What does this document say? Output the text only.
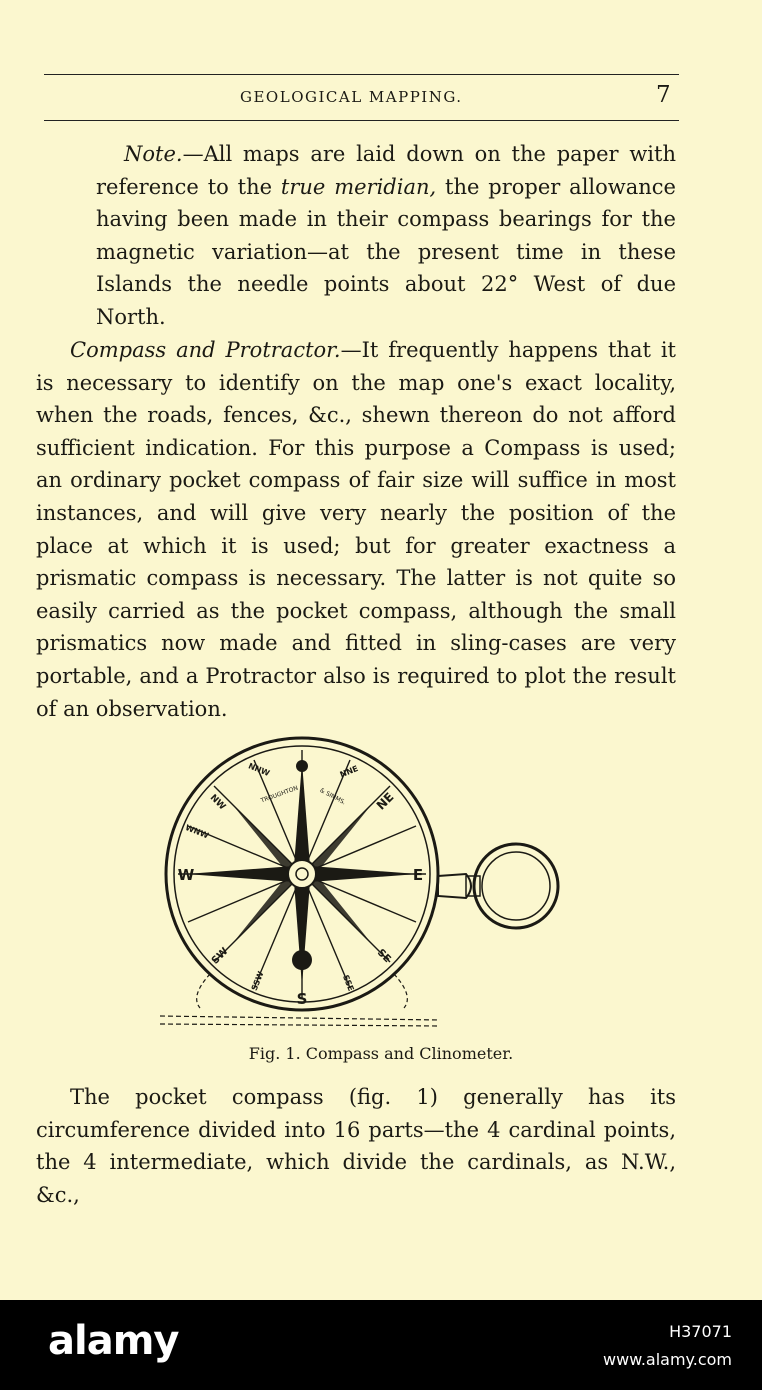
GEOLOGICAL MAPPING.	7

Note.—All maps are laid down on the paper with reference to the true meridian, the proper allowance having been made in their compass bearings for the magnetic variation—at the present time in these Islands the needle points about 22° West of due North.

Compass and Protractor.—It frequently happens that it is necessary to identify on the map one's exact locality, when the roads, fences, &c., shewn thereon do not afford sufficient indication. For this purpose a Compass is used; an ordinary pocket compass of fair size will suffice in most instances, and will give very nearly the position of the place at which it is used; but for greater exactness a prismatic compass is necessary. The latter is not quite so easily carried as the pocket compass, although the small prismatics now made and fitted in sling-cases are very portable, and a Protractor also is required to plot the result of an observation.

W	E
S
NE
NW
SW	SE
NNE
NNW
WNW
SSW	SSE
TROUGHTON	& SIMMS.
Fig. 1. Compass and Clinometer.

The pocket compass (fig. 1) generally has its circumference divided into 16 parts—the 4 cardinal points, the 4 intermediate, which divide the cardinals, as N.W., &c.,

alamy	H37071
www.alamy.com
